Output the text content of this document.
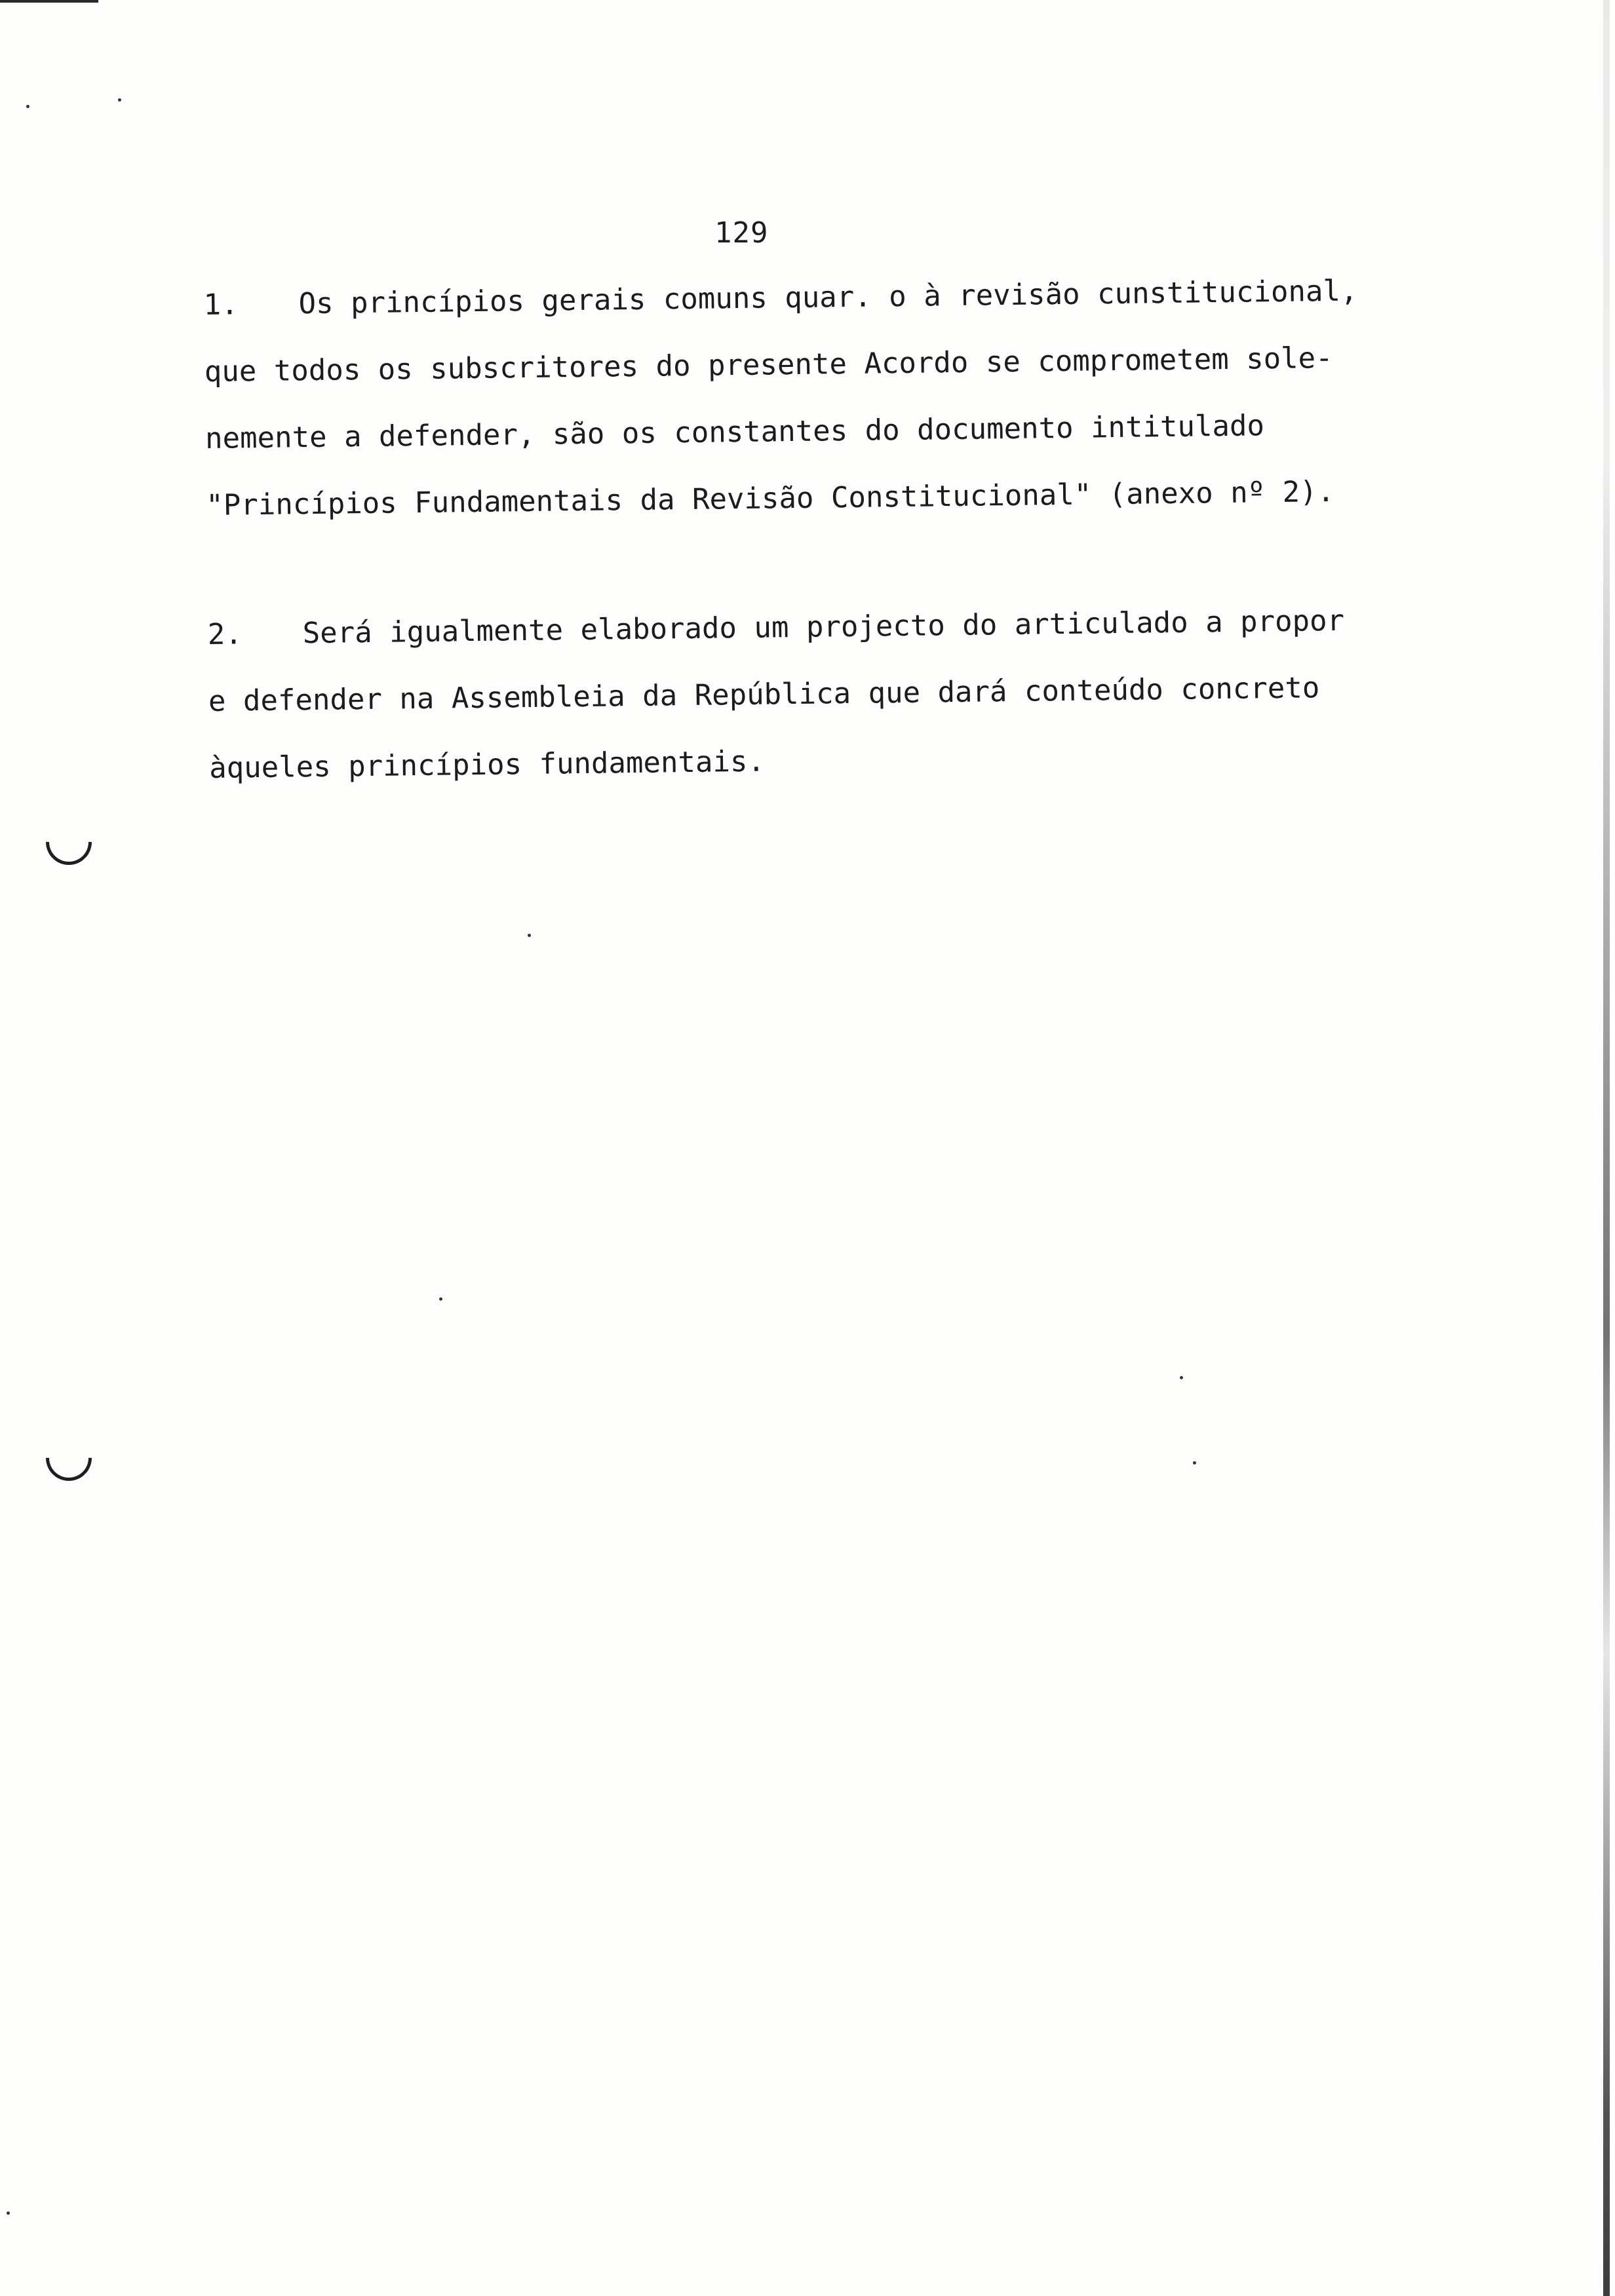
129
1. Os princípios gerais comuns quar. o à revisão cunstitucional,
que todos os subscritores do presente Acordo se comprometem sole-
nemente a defender, são os constantes do documento intitulado
"Princípios Fundamentais da Revisão Constitucional" (anexo nº 2).
2. Será igualmente elaborado um projecto do articulado a propor
e defender na Assembleia da República que dará conteúdo concreto
àqueles princípios fundamentais.
